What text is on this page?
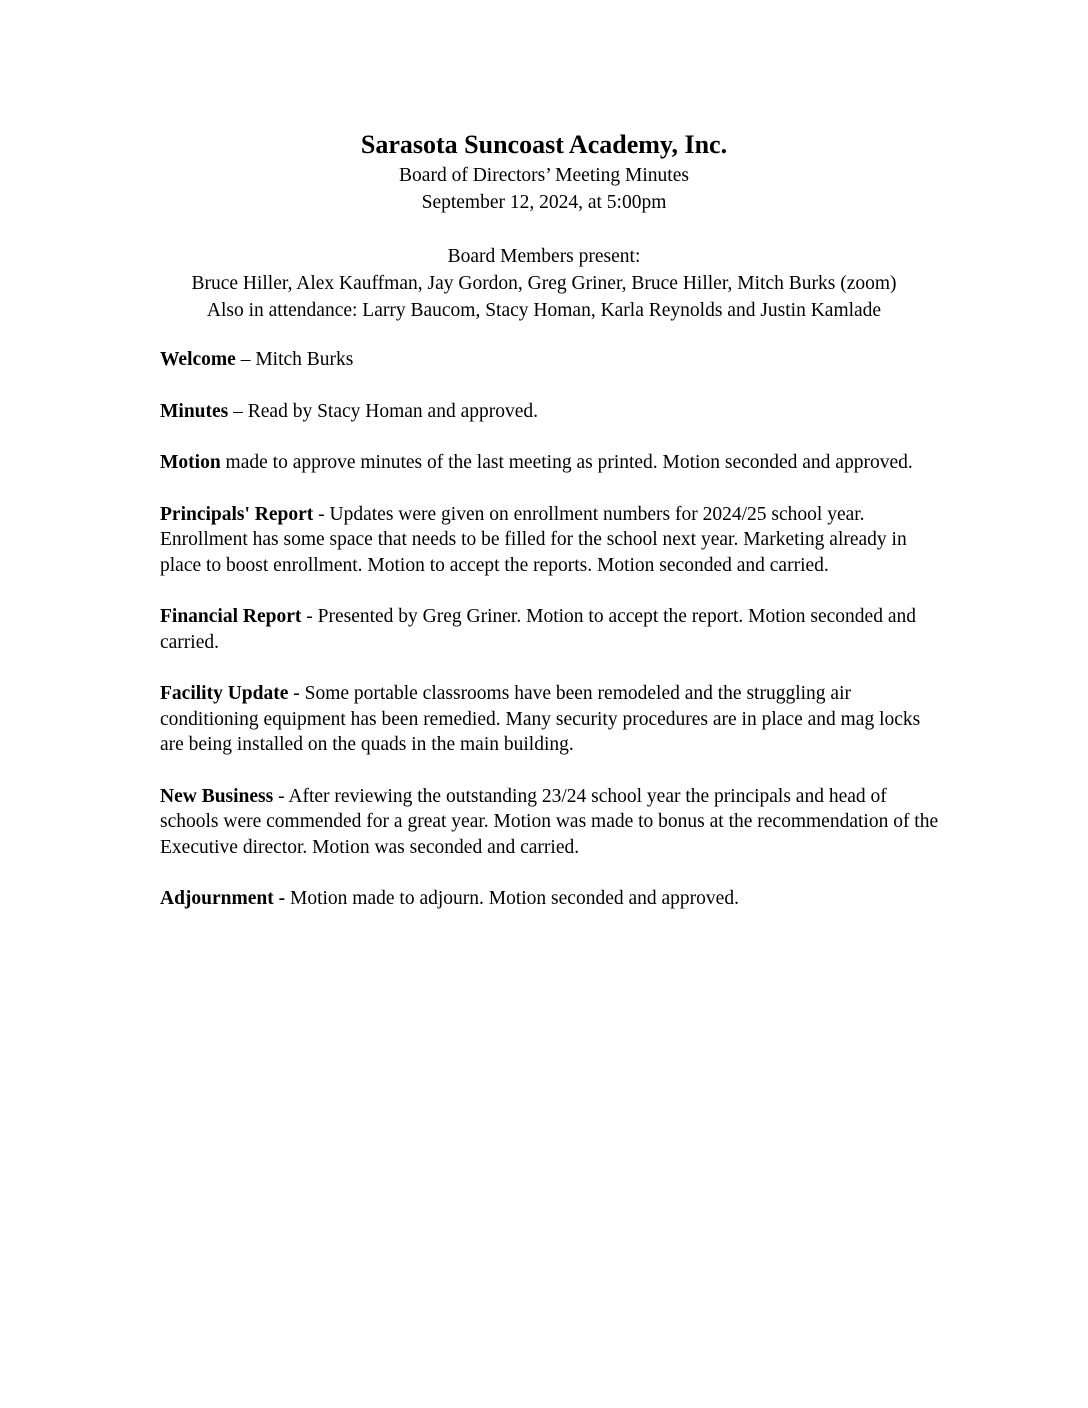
Sarasota Suncoast Academy, Inc.

Board of Directors’ Meeting Minutes

September 12, 2024, at 5:00pm

Board Members present:

Bruce Hiller, Alex Kauffman, Jay Gordon, Greg Griner, Bruce Hiller, Mitch Burks (zoom)

Also in attendance: Larry Baucom, Stacy Homan, Karla Reynolds and Justin Kamlade

Welcome – Mitch Burks

Minutes – Read by Stacy Homan and approved.

Motion made to approve minutes of the last meeting as printed. Motion seconded and approved.

Principals' Report - Updates were given on enrollment numbers for 2024/25 school year. Enrollment has some space that needs to be filled for the school next year. Marketing already in place to boost enrollment. Motion to accept the reports. Motion seconded and carried.

Financial Report - Presented by Greg Griner. Motion to accept the report. Motion seconded and carried.

Facility Update - Some portable classrooms have been remodeled and the struggling air conditioning equipment has been remedied. Many security procedures are in place and mag locks are being installed on the quads in the main building.

New Business - After reviewing the outstanding 23/24 school year the principals and head of schools were commended for a great year. Motion was made to bonus at the recommendation of the Executive director. Motion was seconded and carried.

Adjournment - Motion made to adjourn. Motion seconded and approved.
